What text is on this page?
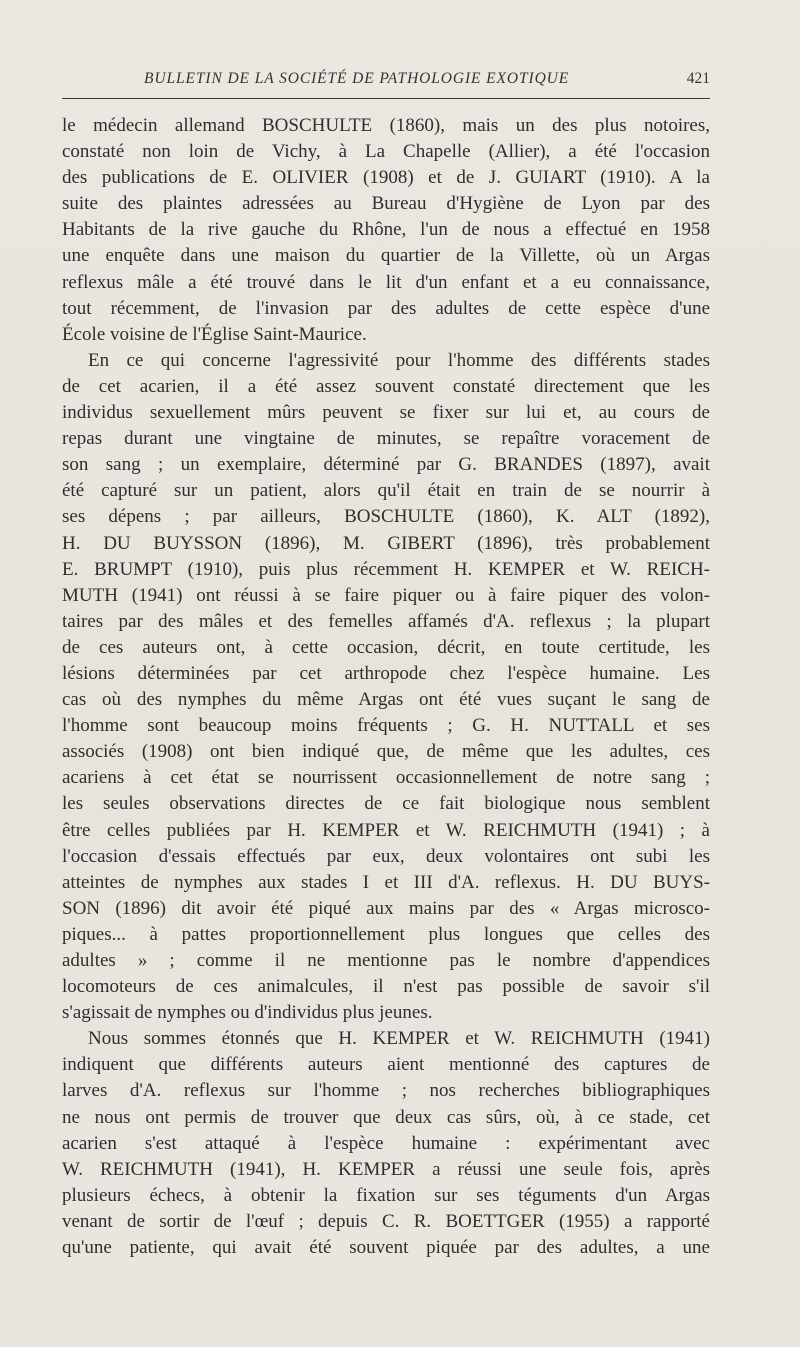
BULLETIN DE LA SOCIÉTÉ DE PATHOLOGIE EXOTIQUE	421
le médecin allemand BOSCHULTE (1860), mais un des plus notoires,
constaté non loin de Vichy, à La Chapelle (Allier), a été l'occasion
des publications de E. OLIVIER (1908) et de J. GUIART (1910). A la
suite des plaintes adressées au Bureau d'Hygiène de Lyon par des
Habitants de la rive gauche du Rhône, l'un de nous a effectué en 1958
une enquête dans une maison du quartier de la Villette, où un Argas
reflexus mâle a été trouvé dans le lit d'un enfant et a eu connaissance,
tout récemment, de l'invasion par des adultes de cette espèce d'une
École voisine de l'Église Saint-Maurice.
En ce qui concerne l'agressivité pour l'homme des différents stades
de cet acarien, il a été assez souvent constaté directement que les
individus sexuellement mûrs peuvent se fixer sur lui et, au cours de
repas durant une vingtaine de minutes, se repaître voracement de
son sang ; un exemplaire, déterminé par G. BRANDES (1897), avait
été capturé sur un patient, alors qu'il était en train de se nourrir à
ses dépens ; par ailleurs, BOSCHULTE (1860), K. ALT (1892),
H. DU BUYSSON (1896), M. GIBERT (1896), très probablement
E. BRUMPT (1910), puis plus récemment H. KEMPER et W. REICH-
MUTH (1941) ont réussi à se faire piquer ou à faire piquer des volon-
taires par des mâles et des femelles affamés d'A. reflexus ; la plupart
de ces auteurs ont, à cette occasion, décrit, en toute certitude, les
lésions déterminées par cet arthropode chez l'espèce humaine. Les
cas où des nymphes du même Argas ont été vues suçant le sang de
l'homme sont beaucoup moins fréquents ; G. H. NUTTALL et ses
associés (1908) ont bien indiqué que, de même que les adultes, ces
acariens à cet état se nourrissent occasionnellement de notre sang ;
les seules observations directes de ce fait biologique nous semblent
être celles publiées par H. KEMPER et W. REICHMUTH (1941) ; à
l'occasion d'essais effectués par eux, deux volontaires ont subi les
atteintes de nymphes aux stades I et III d'A. reflexus. H. DU BUYS-
SON (1896) dit avoir été piqué aux mains par des « Argas microsco-
piques... à pattes proportionnellement plus longues que celles des
adultes » ; comme il ne mentionne pas le nombre d'appendices
locomoteurs de ces animalcules, il n'est pas possible de savoir s'il
s'agissait de nymphes ou d'individus plus jeunes.
Nous sommes étonnés que H. KEMPER et W. REICHMUTH (1941)
indiquent que différents auteurs aient mentionné des captures de
larves d'A. reflexus sur l'homme ; nos recherches bibliographiques
ne nous ont permis de trouver que deux cas sûrs, où, à ce stade, cet
acarien s'est attaqué à l'espèce humaine : expérimentant avec
W. REICHMUTH (1941), H. KEMPER a réussi une seule fois, après
plusieurs échecs, à obtenir la fixation sur ses téguments d'un Argas
venant de sortir de l'œuf ; depuis C. R. BOETTGER (1955) a rapporté
qu'une patiente, qui avait été souvent piquée par des adultes, a une
